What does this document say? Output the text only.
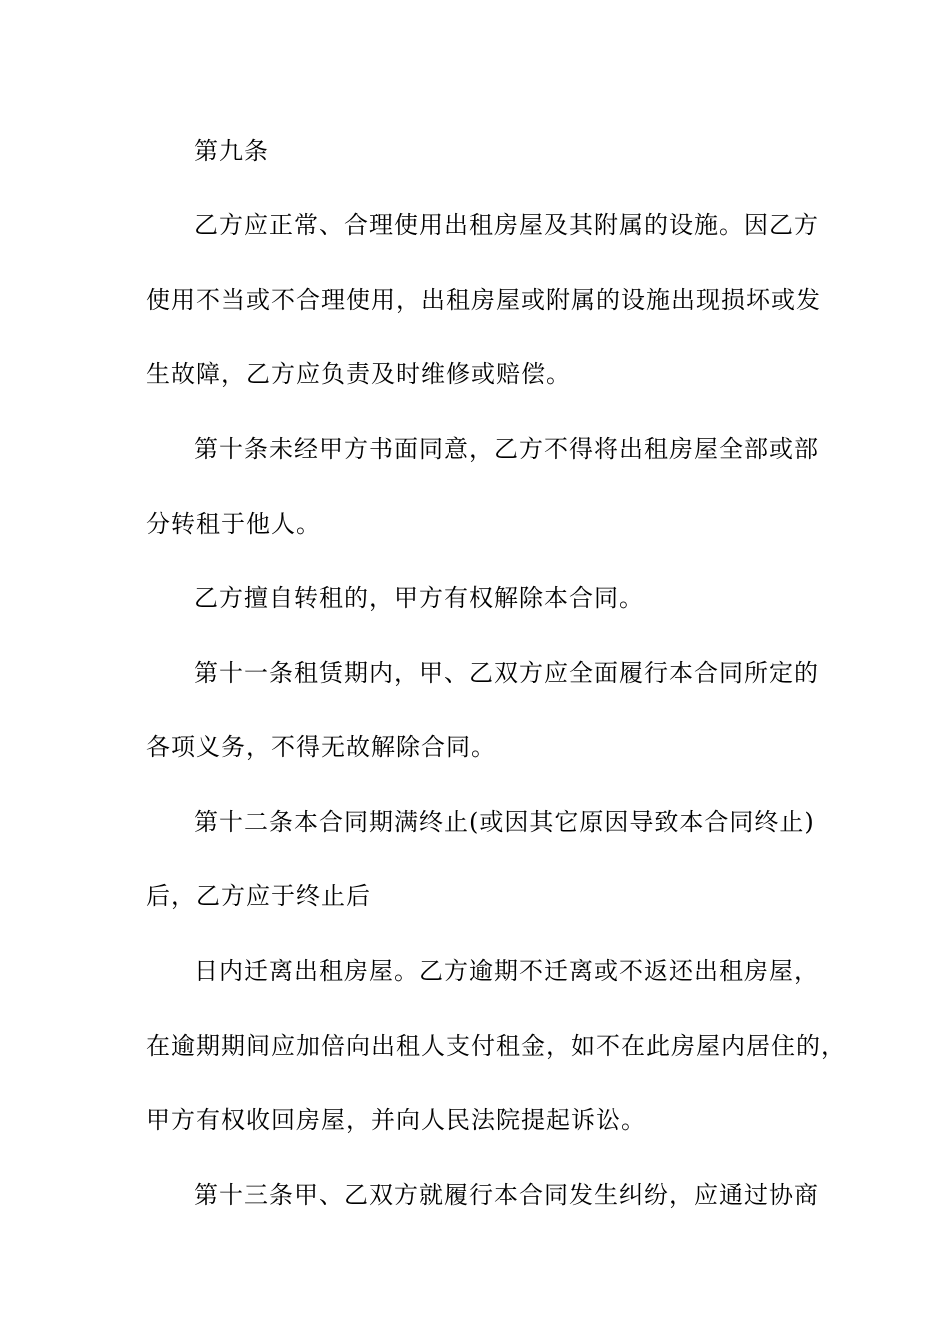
第九条
乙方应正常、合理使用出租房屋及其附属的设施。因乙方
使用不当或不合理使用，出租房屋或附属的设施出现损坏或发
生故障，乙方应负责及时维修或赔偿。
第十条未经甲方书面同意，乙方不得将出租房屋全部或部
分转租于他人。
乙方擅自转租的，甲方有权解除本合同。
第十一条租赁期内，甲、乙双方应全面履行本合同所定的
各项义务，不得无故解除合同。
第十二条本合同期满终止(或因其它原因导致本合同终止)
后，乙方应于终止后
日内迁离出租房屋。乙方逾期不迁离或不返还出租房屋，
在逾期期间应加倍向出租人支付租金，如不在此房屋内居住的，
甲方有权收回房屋，并向人民法院提起诉讼。
第十三条甲、乙双方就履行本合同发生纠纷，应通过协商
